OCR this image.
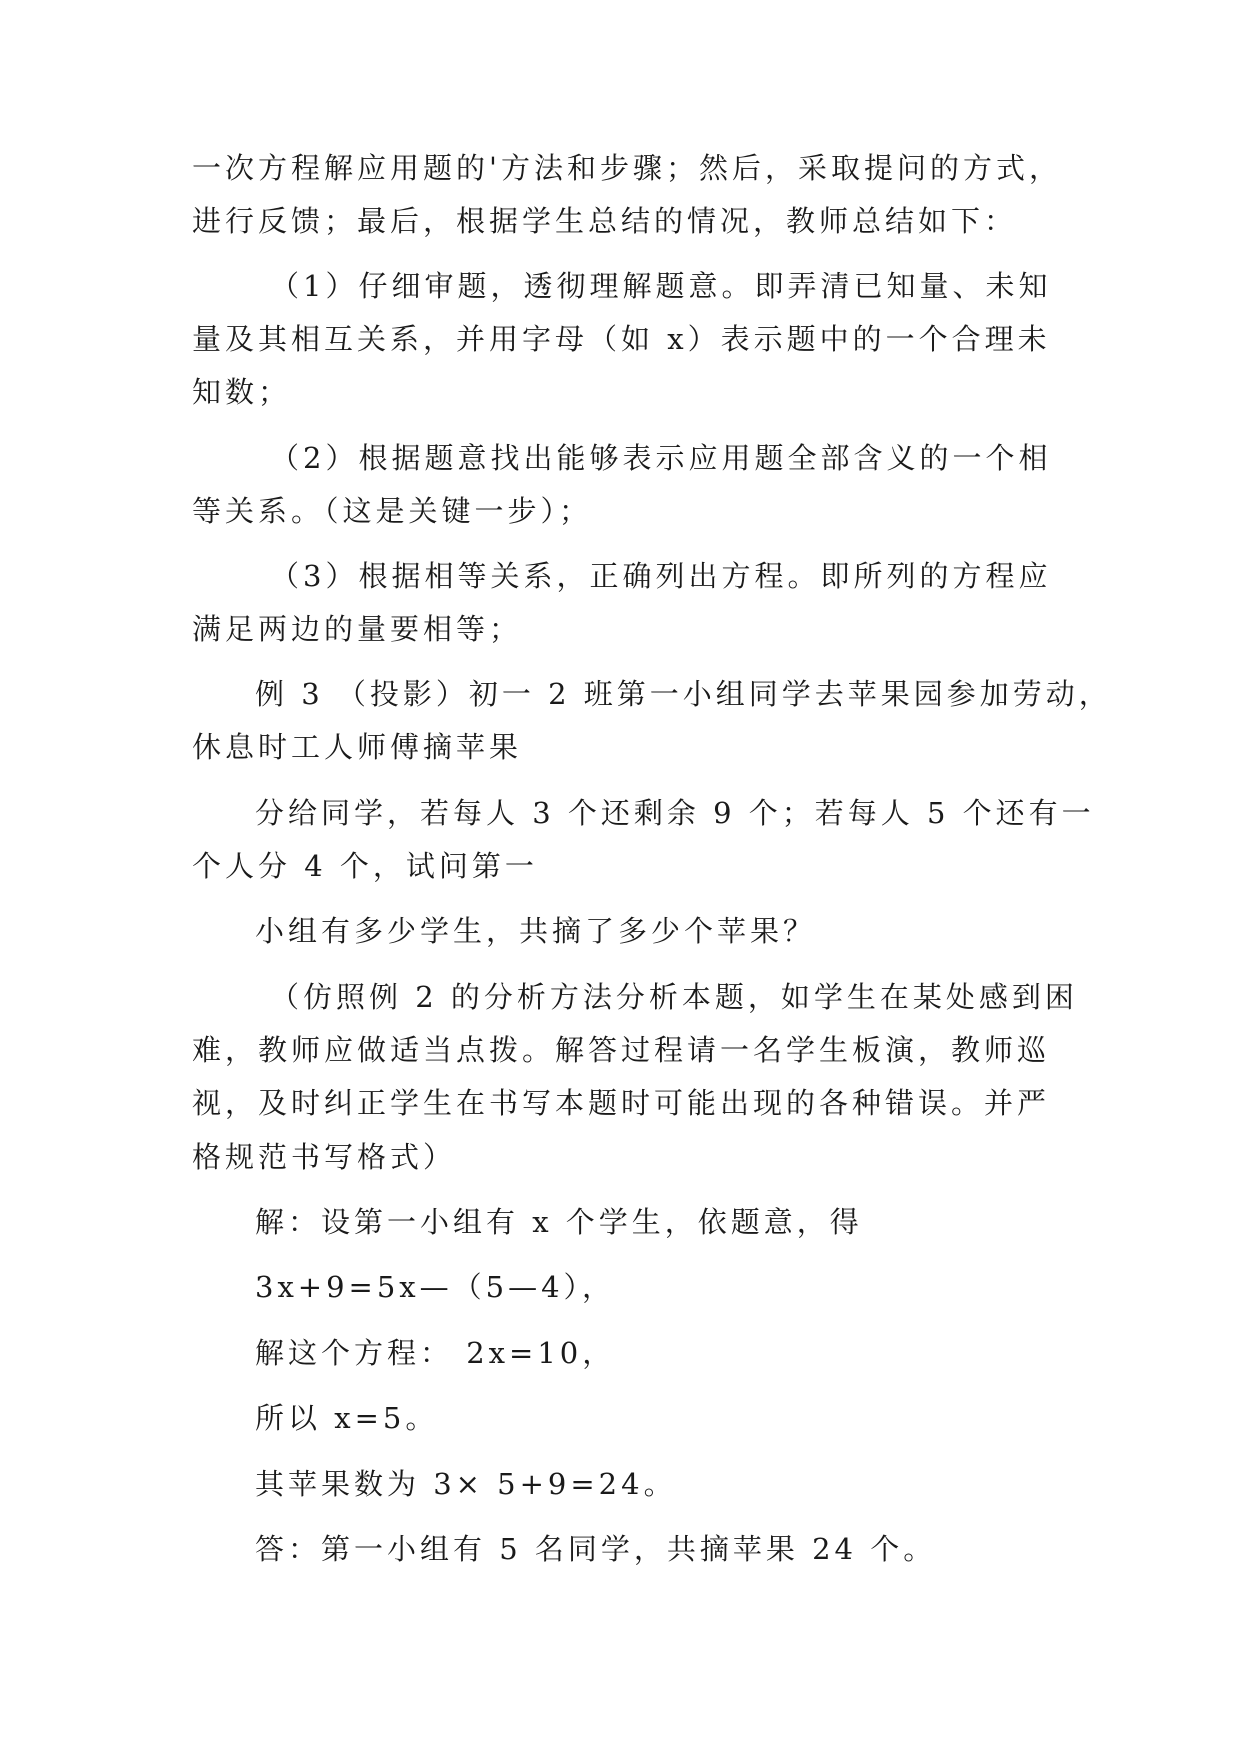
一次方程解应用题的'方法和步骤；然后，采取提问的方式，
进行反馈；最后，根据学生总结的情况，教师总结如下：
（1）仔细审题，透彻理解题意。即弄清已知量、未知
量及其相互关系，并用字母（如 x）表示题中的一个合理未
知数；
（2）根据题意找出能够表示应用题全部含义的一个相
等关系。（这是关键一步）；
（3）根据相等关系，正确列出方程。即所列的方程应
满足两边的量要相等；
例 3 （投影）初一 2 班第一小组同学去苹果园参加劳动，
休息时工人师傅摘苹果
分给同学，若每人 3 个还剩余 9 个；若每人 5 个还有一
个人分 4 个，试问第一
小组有多少学生，共摘了多少个苹果？
（仿照例 2 的分析方法分析本题，如学生在某处感到困
难，教师应做适当点拨。解答过程请一名学生板演，教师巡
视，及时纠正学生在书写本题时可能出现的各种错误。并严
格规范书写格式）
解：设第一小组有 x 个学生，依题意，得
3x+9=5x—（5—4），
解这个方程： 2x=10，
所以 x=5。
其苹果数为 3× 5+9=24。
答：第一小组有 5 名同学，共摘苹果 24 个。
